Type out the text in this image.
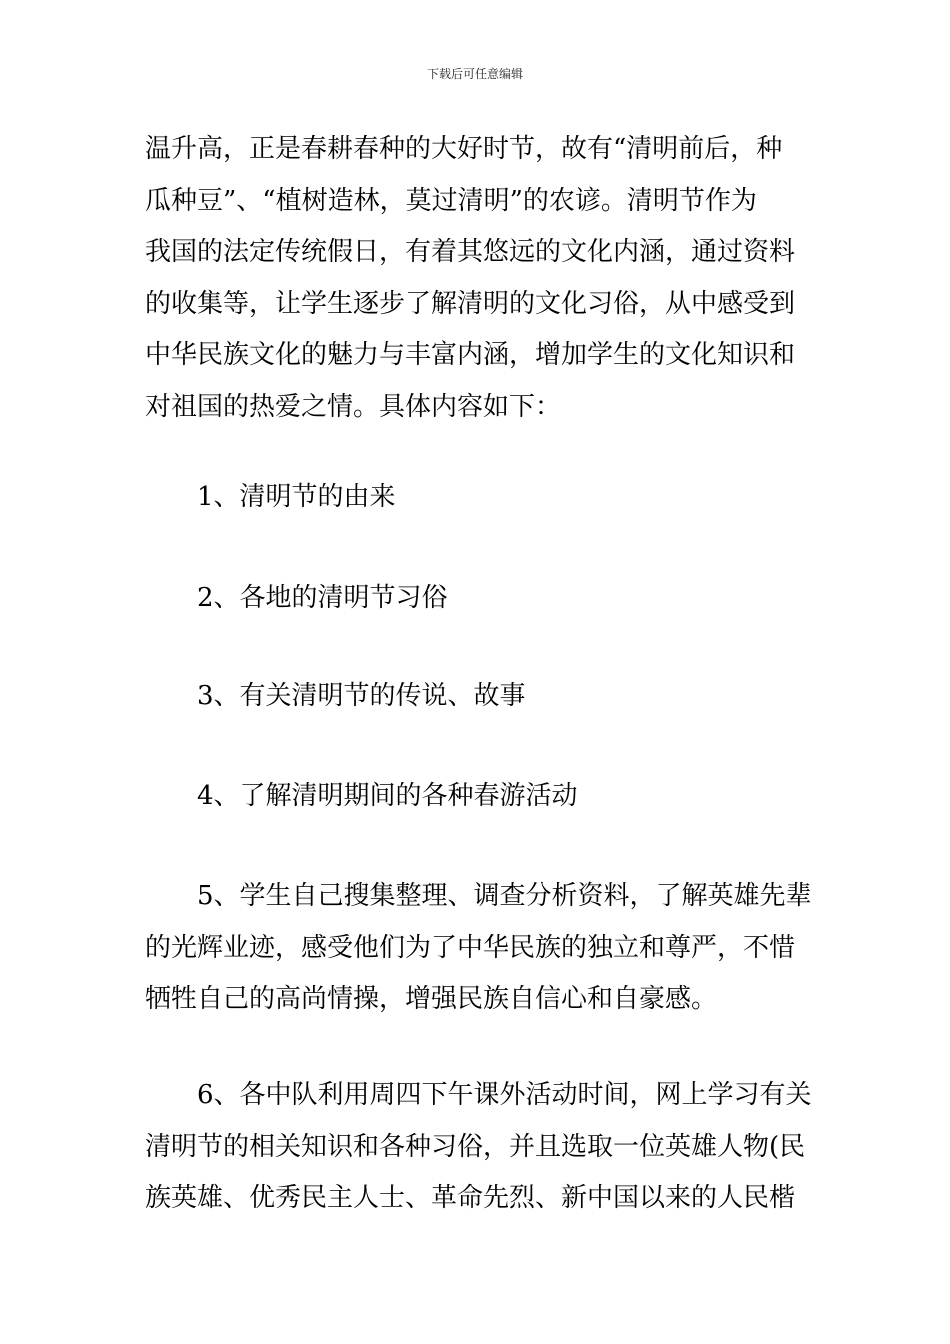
下载后可任意编辑
温升高，正是春耕春种的大好时节，故有“清明前后，种
瓜种豆”、“植树造林，莫过清明”的农谚。清明节作为
我国的法定传统假日，有着其悠远的文化内涵，通过资料
的收集等，让学生逐步了解清明的文化习俗，从中感受到
中华民族文化的魅力与丰富内涵，增加学生的文化知识和
对祖国的热爱之情。具体内容如下：
1、清明节的由来
2、各地的清明节习俗
3、有关清明节的传说、故事
4、了解清明期间的各种春游活动
5、学生自己搜集整理、调查分析资料，了解英雄先辈
的光辉业迹，感受他们为了中华民族的独立和尊严，不惜
牺牲自己的高尚情操，增强民族自信心和自豪感。
6、各中队利用周四下午课外活动时间，网上学习有关
清明节的相关知识和各种习俗，并且选取一位英雄人物(民
族英雄、优秀民主人士、革命先烈、新中国以来的人民楷
